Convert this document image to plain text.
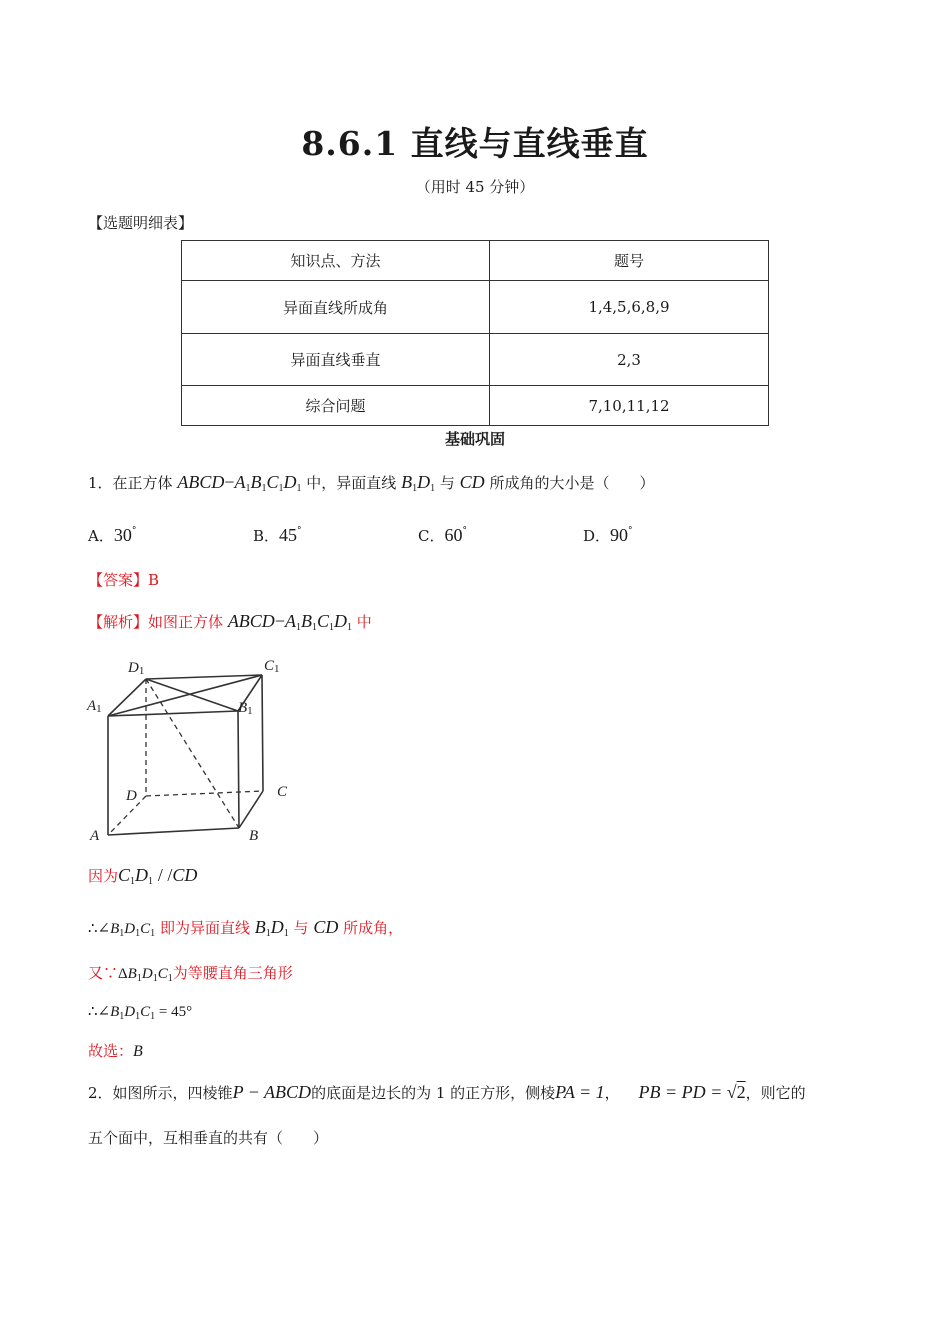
8.6.1 直线与直线垂直
（用时 45 分钟）
【选题明细表】
知识点、方法	题号
异面直线所成角	1,4,5,6,8,9
异面直线垂直	2,3
综合问题	7,10,11,12
基础巩固
1．在正方体 $ABCD-A_1B_1C_1D_1$ 中，异面直线 $B_1D_1$ 与 CD 所成角的大小是（　　）
A．30°	B．45°	C．60°	D．90°
【答案】B
【解析】如图正方体 $ABCD-A_1B_1C_1D_1$ 中
D1	C1
A1	B1
D	C
A	B
因为$C_1D_1 / /CD$
$\therefore\angle B_1D_1C_1$ 即为异面直线 $B_1D_1$ 与 CD 所成角，
又$\because\Delta B_1D_1C_1$为等腰直角三角形
$\therefore\angle B_1D_1C_1 = 45^\circ$
故选：B
2．如图所示，四棱锥P − ABCD的底面是边长的为 1 的正方形，侧棱PA = 1， PB = PD = √2，则它的
五个面中，互相垂直的共有（　　）
